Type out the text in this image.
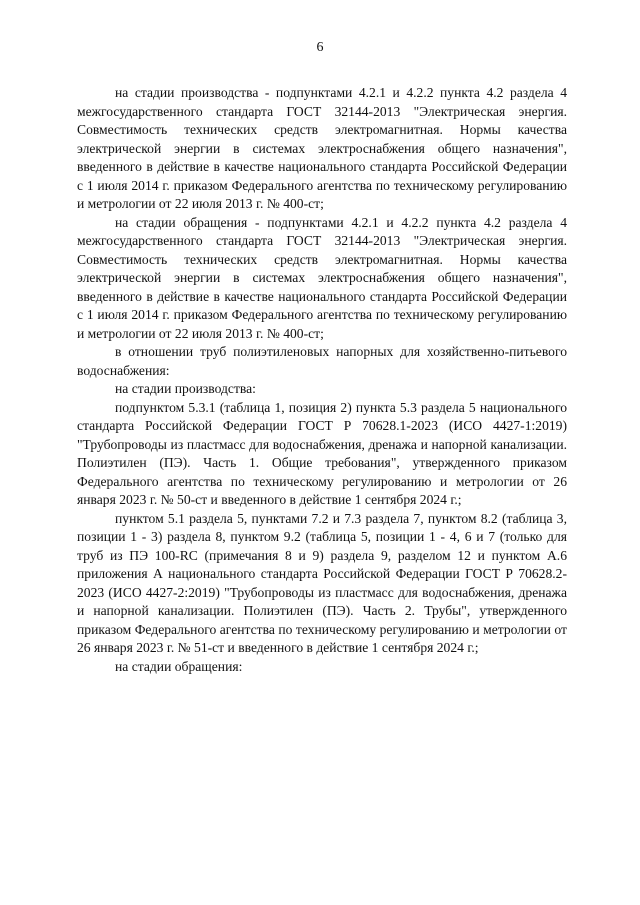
6

на стадии производства - подпунктами 4.2.1 и 4.2.2 пункта 4.2 раздела 4 межгосударственного стандарта ГОСТ 32144-2013 "Электрическая энергия. Совместимость технических средств электромагнитная. Нормы качества электрической энергии в системах электроснабжения общего назначения", введенного в действие в качестве национального стандарта Российской Федерации с 1 июля 2014 г. приказом Федерального агентства по техническому регулированию и метрологии от 22 июля 2013 г. № 400-ст;

на стадии обращения - подпунктами 4.2.1 и 4.2.2 пункта 4.2 раздела 4 межгосударственного стандарта ГОСТ 32144-2013 "Электрическая энергия. Совместимость технических средств электромагнитная. Нормы качества электрической энергии в системах электроснабжения общего назначения", введенного в действие в качестве национального стандарта Российской Федерации с 1 июля 2014 г. приказом Федерального агентства по техническому регулированию и метрологии от 22 июля 2013 г. № 400-ст;

в отношении труб полиэтиленовых напорных для хозяйственно-питьевого водоснабжения:

на стадии производства:

подпунктом 5.3.1 (таблица 1, позиция 2) пункта 5.3 раздела 5 национального стандарта Российской Федерации ГОСТ Р 70628.1-2023 (ИСО 4427-1:2019) "Трубопроводы из пластмасс для водоснабжения, дренажа и напорной канализации. Полиэтилен (ПЭ). Часть 1. Общие требования", утвержденного приказом Федерального агентства по техническому регулированию и метрологии от 26 января 2023 г. № 50-ст и введенного в действие 1 сентября 2024 г.;

пунктом 5.1 раздела 5, пунктами 7.2 и 7.3 раздела 7, пунктом 8.2 (таблица 3, позиции 1 - 3) раздела 8, пунктом 9.2 (таблица 5, позиции 1 - 4, 6 и 7 (только для труб из ПЭ 100-RC (примечания 8 и 9) раздела 9, разделом 12 и пунктом А.6 приложения А национального стандарта Российской Федерации ГОСТ Р 70628.2-2023 (ИСО 4427-2:2019) "Трубопроводы из пластмасс для водоснабжения, дренажа и напорной канализации. Полиэтилен (ПЭ). Часть 2. Трубы", утвержденного приказом Федерального агентства по техническому регулированию и метрологии от 26 января 2023 г. № 51-ст и введенного в действие 1 сентября 2024 г.;

на стадии обращения:
